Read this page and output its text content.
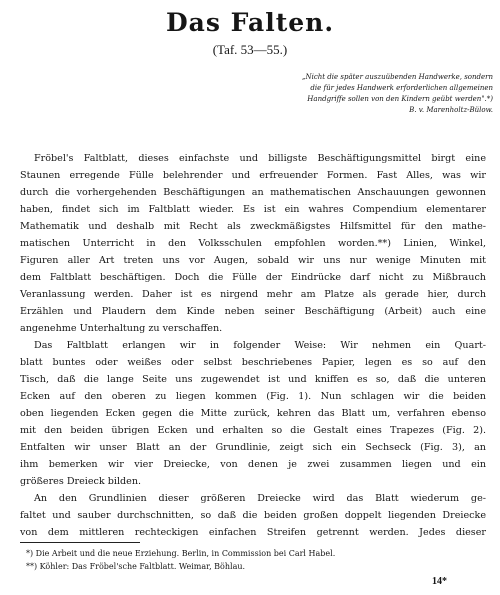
Das Falten.
(Taf. 53—55.)
„Nicht die später auszuübenden Handwerke, sondern
die für jedes Handwerk erforderlichen allgemeinen
Handgriffe sollen von den Kindern geübt werden".*)
B. v. Marenholtz-Bülow.
Fröbel's Faltblatt, dieses einfachste und billigste Beschäftigungsmittel birgt eine
Staunen erregende Fülle belehrender und erfreuender Formen. Fast Alles, was wir
durch die vorhergehenden Beschäftigungen an mathematischen Anschauungen gewonnen
haben, findet sich im Faltblatt wieder. Es ist ein wahres Compendium elementarer
Mathematik und deshalb mit Recht als zweckmäßigstes Hilfsmittel für den mathe-
matischen Unterricht in den Volksschulen empfohlen worden.**) Linien, Winkel,
Figuren aller Art treten uns vor Augen, sobald wir uns nur wenige Minuten mit
dem Faltblatt beschäftigen. Doch die Fülle der Eindrücke darf nicht zu Mißbrauch
Veranlassung werden. Daher ist es nirgend mehr am Platze als gerade hier, durch
Erzählen und Plaudern dem Kinde neben seiner Beschäftigung (Arbeit) auch eine
angenehme Unterhaltung zu verschaffen.
Das Faltblatt erlangen wir in folgender Weise: Wir nehmen ein Quart-
blatt buntes oder weißes oder selbst beschriebenes Papier, legen es so auf den
Tisch, daß die lange Seite uns zugewendet ist und kniffen es so, daß die unteren
Ecken auf den oberen zu liegen kommen (Fig. 1). Nun schlagen wir die beiden
oben liegenden Ecken gegen die Mitte zurück, kehren das Blatt um, verfahren ebenso
mit den beiden übrigen Ecken und erhalten so die Gestalt eines Trapezes (Fig. 2).
Entfalten wir unser Blatt an der Grundlinie, zeigt sich ein Sechseck (Fig. 3), an
ihm bemerken wir vier Dreiecke, von denen je zwei zusammen liegen und ein
größeres Dreieck bilden.
An den Grundlinien dieser größeren Dreiecke wird das Blatt wiederum ge-
faltet und sauber durchschnitten, so daß die beiden großen doppelt liegenden Dreiecke
von dem mittleren rechteckigen einfachen Streifen getrennt werden. Jedes dieser
*) Die Arbeit und die neue Erziehung. Berlin, in Commission bei Carl Habel.
**) Köhler: Das Fröbel'sche Faltblatt. Weimar, Böhlau.
14*
